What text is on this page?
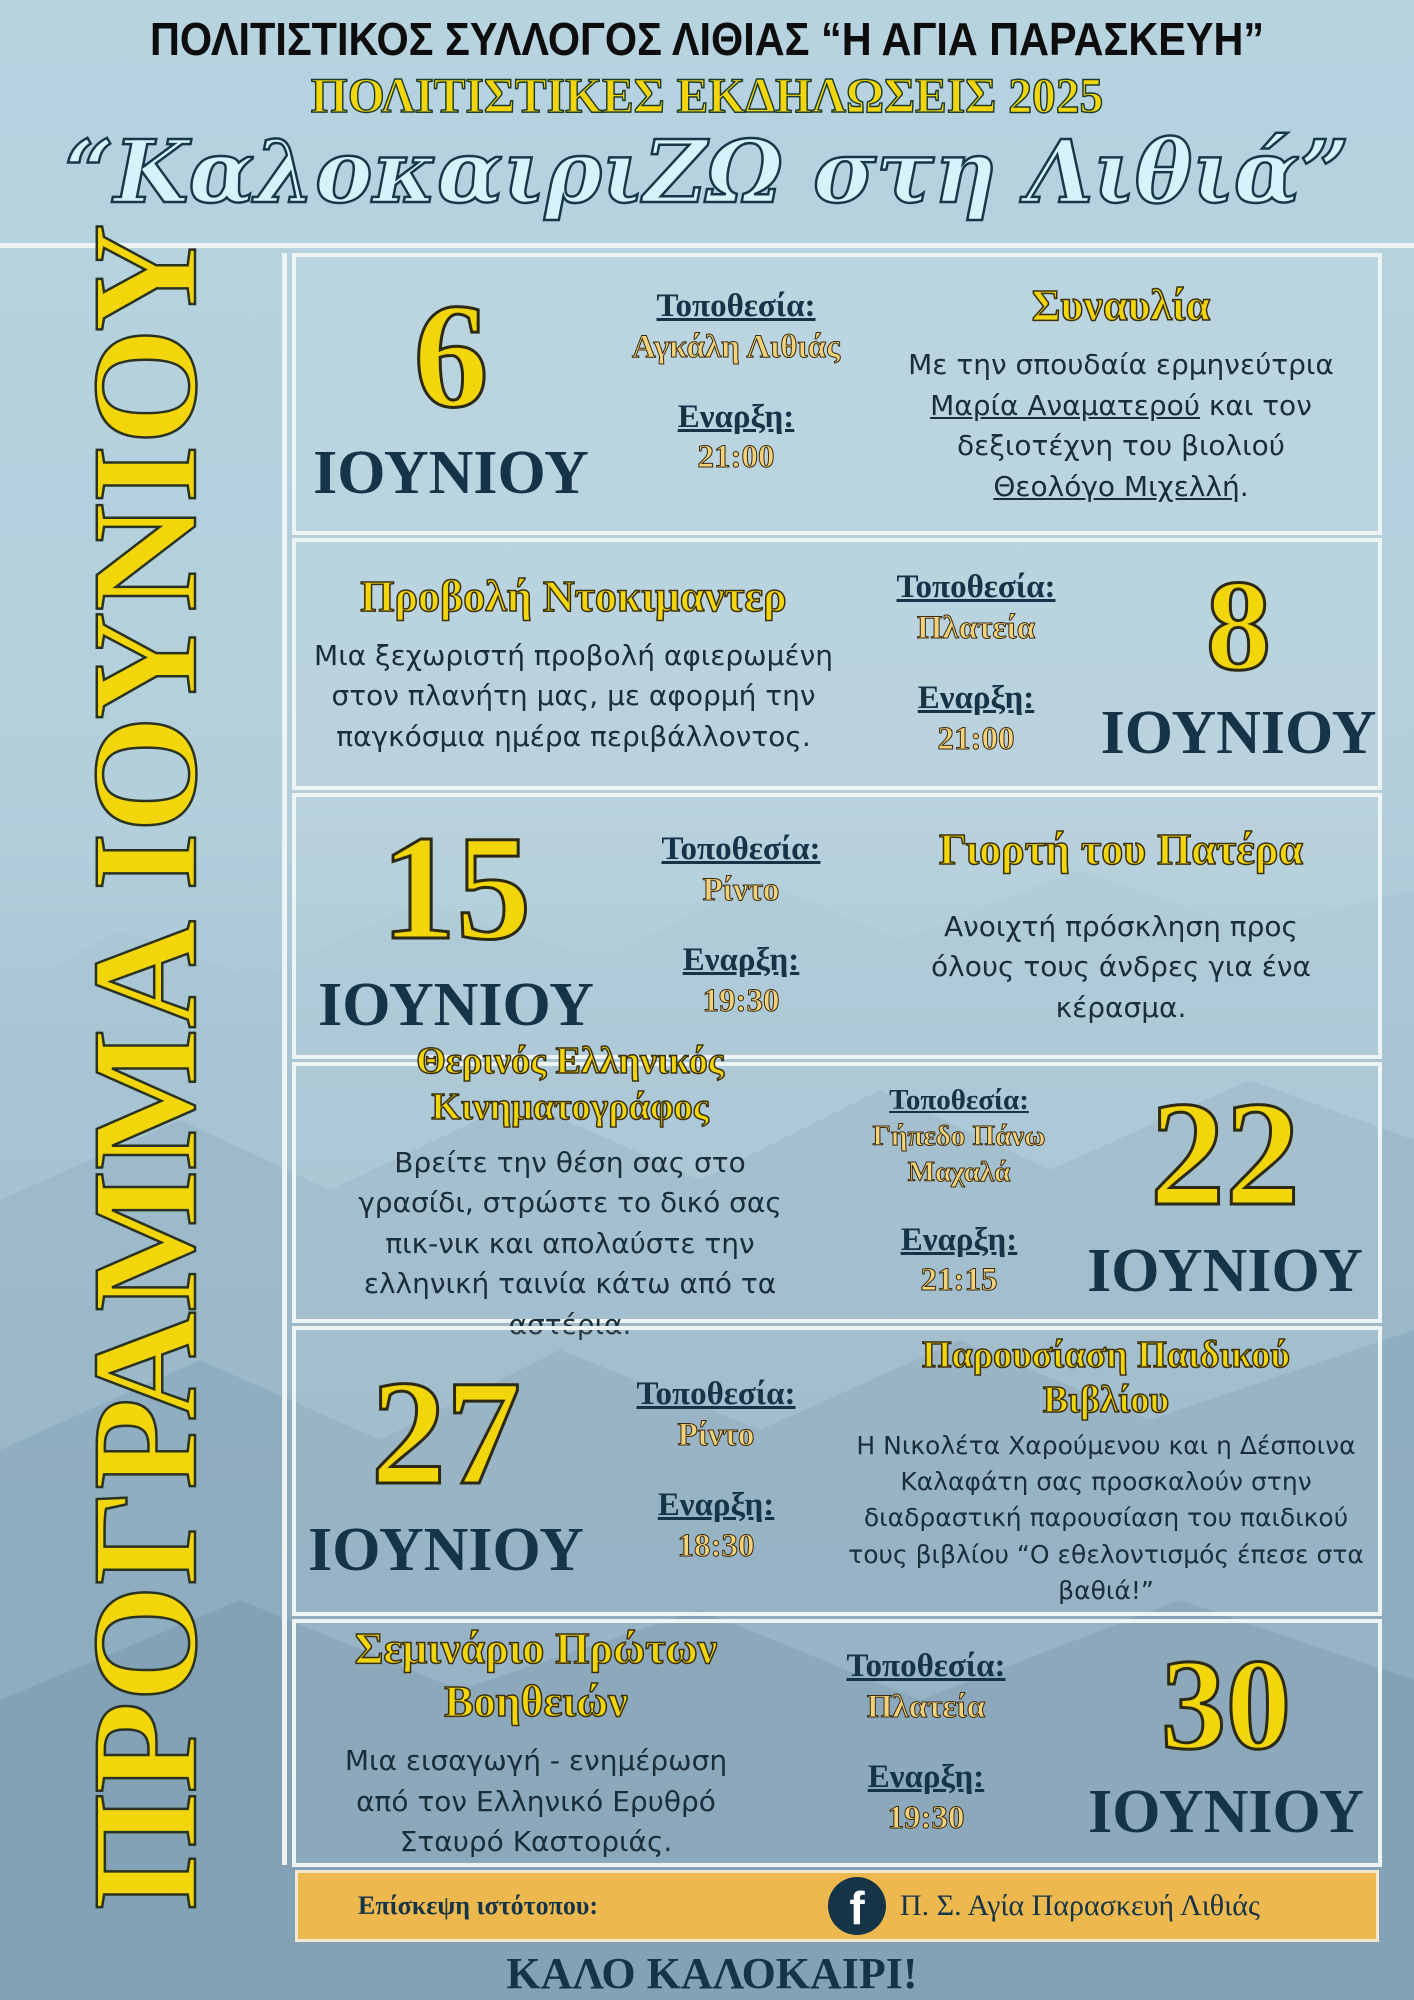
ΠΟΛΙΤΙΣΤΙΚΟΣ ΣΥΛΛΟΓΟΣ ΛΙΘΙΑΣ “Η ΑΓΙΑ ΠΑΡΑΣΚΕΥΗ”
ΠΟΛΙΤΙΣΤΙΚΕΣ ΕΚΔΗΛΩΣΕΙΣ 2025
“ΚαλοκαιριΖΩ στη Λιθιά”
ΠΡΟΓΡΑΜΜΑ ΙΟΥΝΙΟΥ 6
ΙΟΥΝΙΟΥ
Τοποθεσία:
Αγκάλη Λιθιάς
Εναρξη:
21:00
Συναυλία
Με την σπουδαία ερμηνεύτρια
Μαρία Αναματερού και τον
δεξιοτέχνη του βιολιού
Θεολόγο Μιχελλή.
Προβολή Ντοκιμαντερ
Μια ξεχωριστή προβολή αφιερωμένη στον πλανήτη μας, με αφορμή την παγκόσμια ημέρα περιβάλλοντος.
Τοποθεσία:
Πλατεία
Εναρξη:
21:00
8
ΙΟΥΝΙΟΥ
15
ΙΟΥΝΙΟΥ
Τοποθεσία:
Ρίντο
Εναρξη:
19:30
Γιορτή του Πατέρα
Ανοιχτή πρόσκληση προς όλους τους άνδρες για ένα κέρασμα.
Θερινός Ελληνικός Κινηματογράφος
Βρείτε την θέση σας στο γρασίδι, στρώστε το δικό σας πικ-νικ και απολαύστε την ελληνική ταινία κάτω από τα αστέρια.
Τοποθεσία:
Γήπεδο Πάνω Μαχαλά
Εναρξη:
21:15
22
ΙΟΥΝΙΟΥ
27
ΙΟΥΝΙΟΥ
Τοποθεσία:
Ρίντο
Εναρξη:
18:30
Παρουσίαση Παιδικού Βιβλίου
Η Νικολέτα Χαρούμενου και η Δέσποινα Καλαφάτη σας προσκαλούν στην διαδραστική παρουσίαση του παιδικού τους βιβλίου “Ο εθελοντισμός έπεσε στα βαθιά!”
Σεμινάριο Πρώτων Βοηθειών
Μια εισαγωγή - ενημέρωση από τον Ελληνικό Ερυθρό Σταυρό Καστοριάς.
Τοποθεσία:
Πλατεία
Εναρξη:
19:30
30
ΙΟΥΝΙΟΥ
Επίσκεψη ιστότοπου:	f	Π. Σ. Αγία Παρασκευή Λιθιάς
ΚΑΛΟ ΚΑΛΟΚΑΙΡΙ!
